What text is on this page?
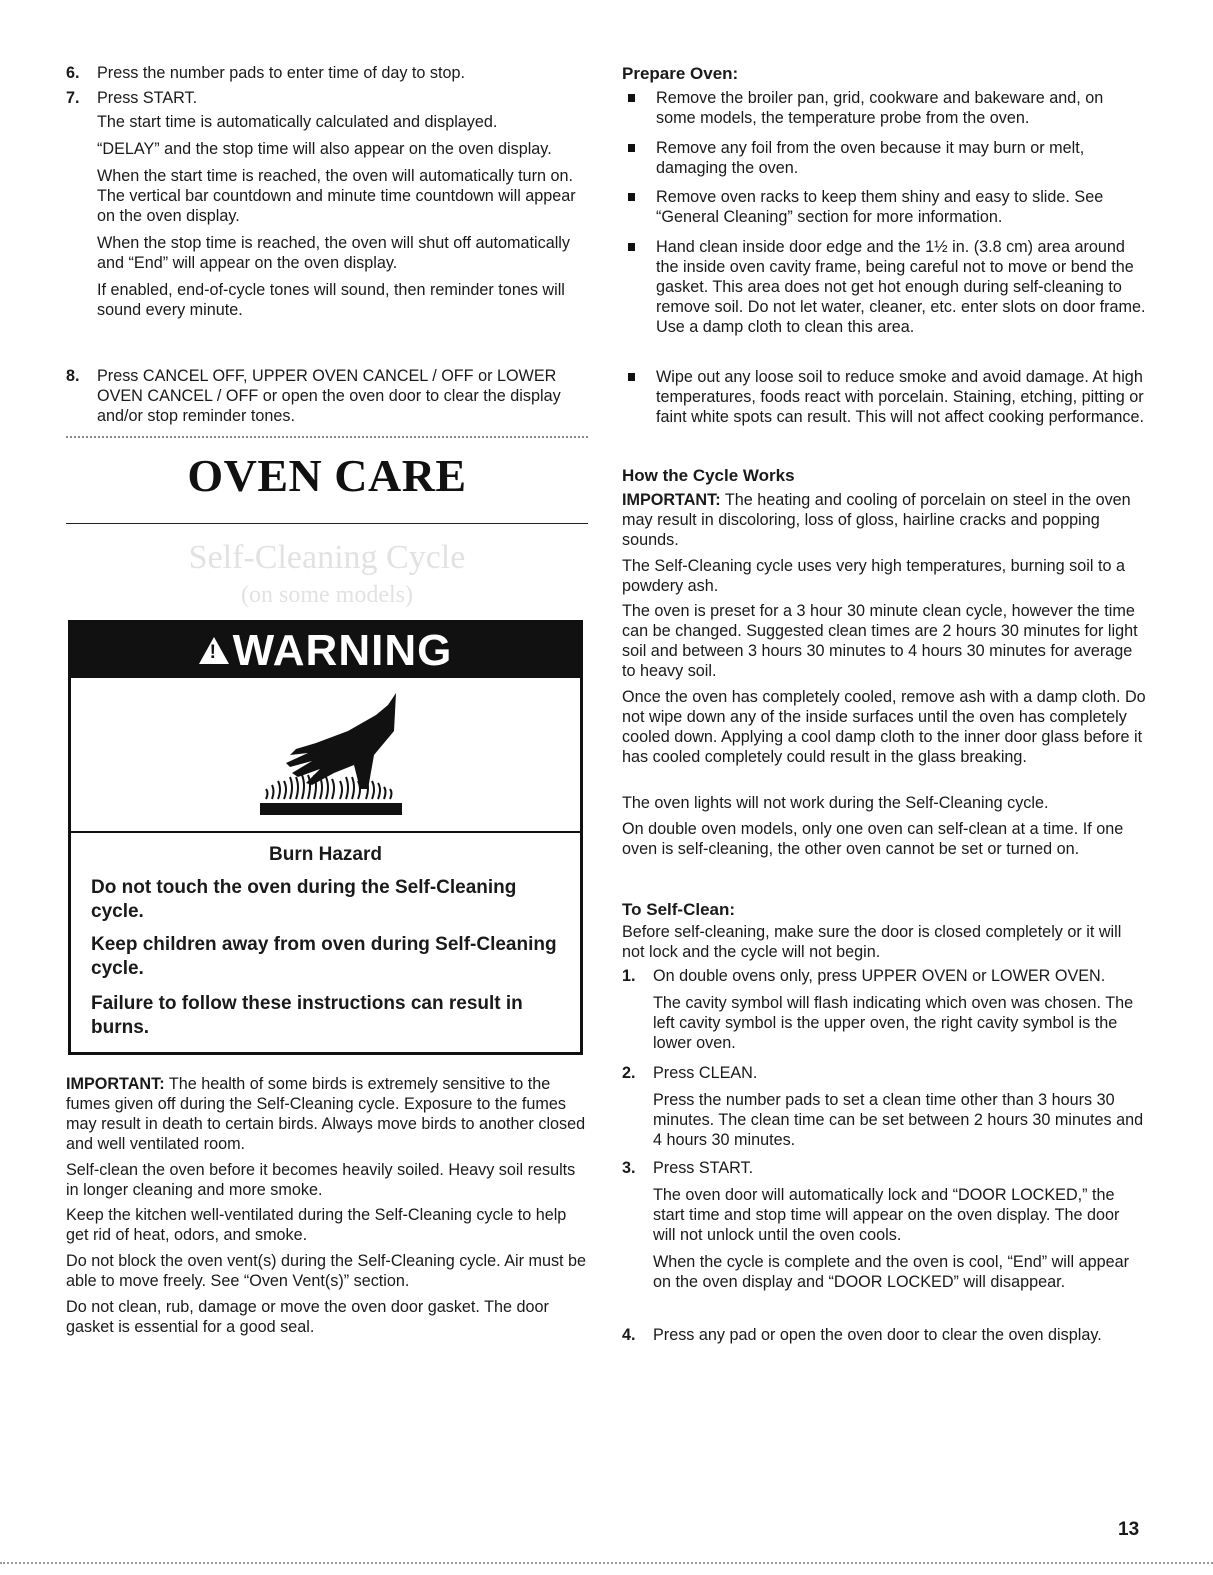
6.	Press the number pads to enter time of day to stop.

7.	Press START.

The start time is automatically calculated and displayed.

“DELAY” and the stop time will also appear on the oven display.

When the start time is reached, the oven will automatically turn on. The vertical bar countdown and minute time countdown will appear on the oven display.

When the stop time is reached, the oven will shut off automatically and “End” will appear on the oven display.

If enabled, end-of-cycle tones will sound, then reminder tones will sound every minute.

8.	Press CANCEL OFF, UPPER OVEN CANCEL / OFF or LOWER OVEN CANCEL / OFF or open the oven door to clear the display and/or stop reminder tones.

OVEN CARE
Self-Cleaning Cycle
(on some models)
! WARNING
Burn Hazard
Do not touch the oven during the Self-Cleaning cycle.
Keep children away from oven during Self-Cleaning cycle.
Failure to follow these instructions can result in burns.

IMPORTANT: The health of some birds is extremely sensitive to the fumes given off during the Self-Cleaning cycle. Exposure to the fumes may result in death to certain birds. Always move birds to another closed and well ventilated room.

Self-clean the oven before it becomes heavily soiled. Heavy soil results in longer cleaning and more smoke.

Keep the kitchen well-ventilated during the Self-Cleaning cycle to help get rid of heat, odors, and smoke.

Do not block the oven vent(s) during the Self-Cleaning cycle. Air must be able to move freely. See “Oven Vent(s)” section.

Do not clean, rub, damage or move the oven door gasket. The door gasket is essential for a good seal.

Prepare Oven:
Remove the broiler pan, grid, cookware and bakeware and, on some models, the temperature probe from the oven.
Remove any foil from the oven because it may burn or melt, damaging the oven.
Remove oven racks to keep them shiny and easy to slide. See “General Cleaning” section for more information.
Hand clean inside door edge and the 1½ in. (3.8 cm) area around the inside oven cavity frame, being careful not to move or bend the gasket. This area does not get hot enough during self-cleaning to remove soil. Do not let water, cleaner, etc. enter slots on door frame. Use a damp cloth to clean this area.
Wipe out any loose soil to reduce smoke and avoid damage. At high temperatures, foods react with porcelain. Staining, etching, pitting or faint white spots can result. This will not affect cooking performance.
How the Cycle Works

IMPORTANT: The heating and cooling of porcelain on steel in the oven may result in discoloring, loss of gloss, hairline cracks and popping sounds.

The Self-Cleaning cycle uses very high temperatures, burning soil to a powdery ash.

The oven is preset for a 3 hour 30 minute clean cycle, however the time can be changed. Suggested clean times are 2 hours 30 minutes for light soil and between 3 hours 30 minutes to 4 hours 30 minutes for average to heavy soil.

Once the oven has completely cooled, remove ash with a damp cloth. Do not wipe down any of the inside surfaces until the oven has completely cooled down. Applying a cool damp cloth to the inner door glass before it has cooled completely could result in the glass breaking.

The oven lights will not work during the Self-Cleaning cycle.

On double oven models, only one oven can self-clean at a time. If one oven is self-cleaning, the other oven cannot be set or turned on.

To Self-Clean:

Before self-cleaning, make sure the door is closed completely or it will not lock and the cycle will not begin.

1. On double ovens only, press UPPER OVEN or LOWER OVEN.

The cavity symbol will flash indicating which oven was chosen. The left cavity symbol is the upper oven, the right cavity symbol is the lower oven.

2. Press CLEAN.

Press the number pads to set a clean time other than 3 hours 30 minutes. The clean time can be set between 2 hours 30 minutes and 4 hours 30 minutes.

3. Press START.

The oven door will automatically lock and “DOOR LOCKED,” the start time and stop time will appear on the oven display. The door will not unlock until the oven cools.

When the cycle is complete and the oven is cool, “End” will appear on the oven display and “DOOR LOCKED” will disappear.

4. Press any pad or open the oven door to clear the oven display.

13
